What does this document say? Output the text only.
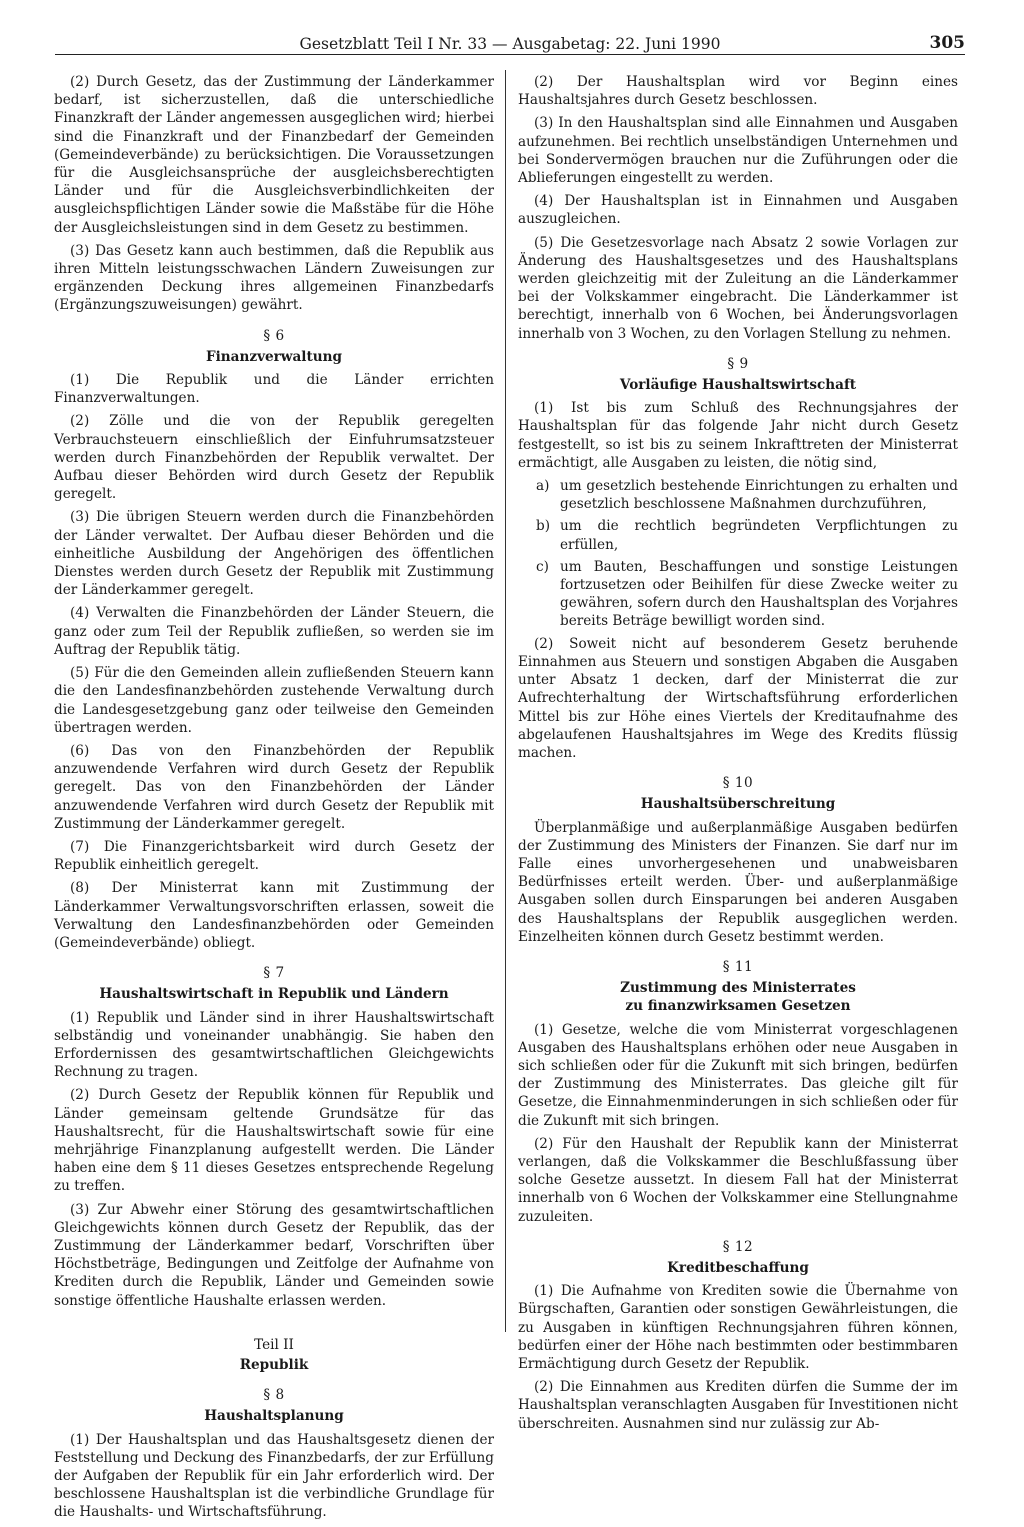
Gesetzblatt Teil I Nr. 33 — Ausgabetag: 22. Juni 1990	305

(2) Durch Gesetz, das der Zustimmung der Länderkammer bedarf, ist sicherzustellen, daß die unterschiedliche Finanzkraft der Länder angemessen ausgeglichen wird; hierbei sind die Finanzkraft und der Finanzbedarf der Gemeinden (Gemeindeverbände) zu berücksichtigen. Die Voraussetzungen für die Ausgleichsansprüche der ausgleichsberechtigten Länder und für die Ausgleichsverbindlichkeiten der ausgleichspflichtigen Länder sowie die Maßstäbe für die Höhe der Ausgleichsleistungen sind in dem Gesetz zu bestimmen.

(3) Das Gesetz kann auch bestimmen, daß die Republik aus ihren Mitteln leistungsschwachen Ländern Zuweisungen zur ergänzenden Deckung ihres allgemeinen Finanzbedarfs (Ergänzungszuweisungen) gewährt.

§ 6
Finanzverwaltung

(1) Die Republik und die Länder errichten Finanzverwaltungen.

(2) Zölle und die von der Republik geregelten Verbrauchsteuern einschließlich der Einfuhrumsatzsteuer werden durch Finanzbehörden der Republik verwaltet. Der Aufbau dieser Behörden wird durch Gesetz der Republik geregelt.

(3) Die übrigen Steuern werden durch die Finanzbehörden der Länder verwaltet. Der Aufbau dieser Behörden und die einheitliche Ausbildung der Angehörigen des öffentlichen Dienstes werden durch Gesetz der Republik mit Zustimmung der Länderkammer geregelt.

(4) Verwalten die Finanzbehörden der Länder Steuern, die ganz oder zum Teil der Republik zufließen, so werden sie im Auftrag der Republik tätig.

(5) Für die den Gemeinden allein zufließenden Steuern kann die den Landesfinanzbehörden zustehende Verwaltung durch die Landesgesetzgebung ganz oder teilweise den Gemeinden übertragen werden.

(6) Das von den Finanzbehörden der Republik anzuwendende Verfahren wird durch Gesetz der Republik geregelt. Das von den Finanzbehörden der Länder anzuwendende Verfahren wird durch Gesetz der Republik mit Zustimmung der Länderkammer geregelt.

(7) Die Finanzgerichtsbarkeit wird durch Gesetz der Republik einheitlich geregelt.

(8) Der Ministerrat kann mit Zustimmung der Länderkammer Verwaltungsvorschriften erlassen, soweit die Verwaltung den Landesfinanzbehörden oder Gemeinden (Gemeindeverbände) obliegt.

§ 7
Haushaltswirtschaft in Republik und Ländern

(1) Republik und Länder sind in ihrer Haushaltswirtschaft selbständig und voneinander unabhängig. Sie haben den Erfordernissen des gesamtwirtschaftlichen Gleichgewichts Rechnung zu tragen.

(2) Durch Gesetz der Republik können für Republik und Länder gemeinsam geltende Grundsätze für das Haushaltsrecht, für die Haushaltswirtschaft sowie für eine mehrjährige Finanzplanung aufgestellt werden. Die Länder haben eine dem § 11 dieses Gesetzes entsprechende Regelung zu treffen.

(3) Zur Abwehr einer Störung des gesamtwirtschaftlichen Gleichgewichts können durch Gesetz der Republik, das der Zustimmung der Länderkammer bedarf, Vorschriften über Höchstbeträge, Bedingungen und Zeitfolge der Aufnahme von Krediten durch die Republik, Länder und Gemeinden sowie sonstige öffentliche Haushalte erlassen werden.

Teil II
Republik
§ 8
Haushaltsplanung

(1) Der Haushaltsplan und das Haushaltsgesetz dienen der Feststellung und Deckung des Finanzbedarfs, der zur Erfüllung der Aufgaben der Republik für ein Jahr erforderlich wird. Der beschlossene Haushaltsplan ist die verbindliche Grundlage für die Haushalts- und Wirtschaftsführung.

(2) Der Haushaltsplan wird vor Beginn eines Haushaltsjahres durch Gesetz beschlossen.

(3) In den Haushaltsplan sind alle Einnahmen und Ausgaben aufzunehmen. Bei rechtlich unselbständigen Unternehmen und bei Sondervermögen brauchen nur die Zuführungen oder die Ablieferungen eingestellt zu werden.

(4) Der Haushaltsplan ist in Einnahmen und Ausgaben auszugleichen.

(5) Die Gesetzesvorlage nach Absatz 2 sowie Vorlagen zur Änderung des Haushaltsgesetzes und des Haushaltsplans werden gleichzeitig mit der Zuleitung an die Länderkammer bei der Volkskammer eingebracht. Die Länderkammer ist berechtigt, innerhalb von 6 Wochen, bei Änderungsvorlagen innerhalb von 3 Wochen, zu den Vorlagen Stellung zu nehmen.

§ 9
Vorläufige Haushaltswirtschaft

(1) Ist bis zum Schluß des Rechnungsjahres der Haushaltsplan für das folgende Jahr nicht durch Gesetz festgestellt, so ist bis zu seinem Inkrafttreten der Ministerrat ermächtigt, alle Ausgaben zu leisten, die nötig sind,

a) um gesetzlich bestehende Einrichtungen zu erhalten und gesetzlich beschlossene Maßnahmen durchzuführen,
b) um die rechtlich begründeten Verpflichtungen zu erfüllen,
c) um Bauten, Beschaffungen und sonstige Leistungen fortzusetzen oder Beihilfen für diese Zwecke weiter zu gewähren, sofern durch den Haushaltsplan des Vorjahres bereits Beträge bewilligt worden sind.

(2) Soweit nicht auf besonderem Gesetz beruhende Einnahmen aus Steuern und sonstigen Abgaben die Ausgaben unter Absatz 1 decken, darf der Ministerrat die zur Aufrechterhaltung der Wirtschaftsführung erforderlichen Mittel bis zur Höhe eines Viertels der Kreditaufnahme des abgelaufenen Haushaltsjahres im Wege des Kredits flüssig machen.

§ 10
Haushaltsüberschreitung

Überplanmäßige und außerplanmäßige Ausgaben bedürfen der Zustimmung des Ministers der Finanzen. Sie darf nur im Falle eines unvorhergesehenen und unabweisbaren Bedürfnisses erteilt werden. Über- und außerplanmäßige Ausgaben sollen durch Einsparungen bei anderen Ausgaben des Haushaltsplans der Republik ausgeglichen werden. Einzelheiten können durch Gesetz bestimmt werden.

§ 11
Zustimmung des Ministerrates
zu finanzwirksamen Gesetzen

(1) Gesetze, welche die vom Ministerrat vorgeschlagenen Ausgaben des Haushaltsplans erhöhen oder neue Ausgaben in sich schließen oder für die Zukunft mit sich bringen, bedürfen der Zustimmung des Ministerrates. Das gleiche gilt für Gesetze, die Einnahmenminderungen in sich schließen oder für die Zukunft mit sich bringen.

(2) Für den Haushalt der Republik kann der Ministerrat verlangen, daß die Volkskammer die Beschlußfassung über solche Gesetze aussetzt. In diesem Fall hat der Ministerrat innerhalb von 6 Wochen der Volkskammer eine Stellungnahme zuzuleiten.

§ 12
Kreditbeschaffung

(1) Die Aufnahme von Krediten sowie die Übernahme von Bürgschaften, Garantien oder sonstigen Gewährleistungen, die zu Ausgaben in künftigen Rechnungsjahren führen können, bedürfen einer der Höhe nach bestimmten oder bestimmbaren Ermächtigung durch Gesetz der Republik.

(2) Die Einnahmen aus Krediten dürfen die Summe der im Haushaltsplan veranschlagten Ausgaben für Investitionen nicht überschreiten. Ausnahmen sind nur zulässig zur Ab-
